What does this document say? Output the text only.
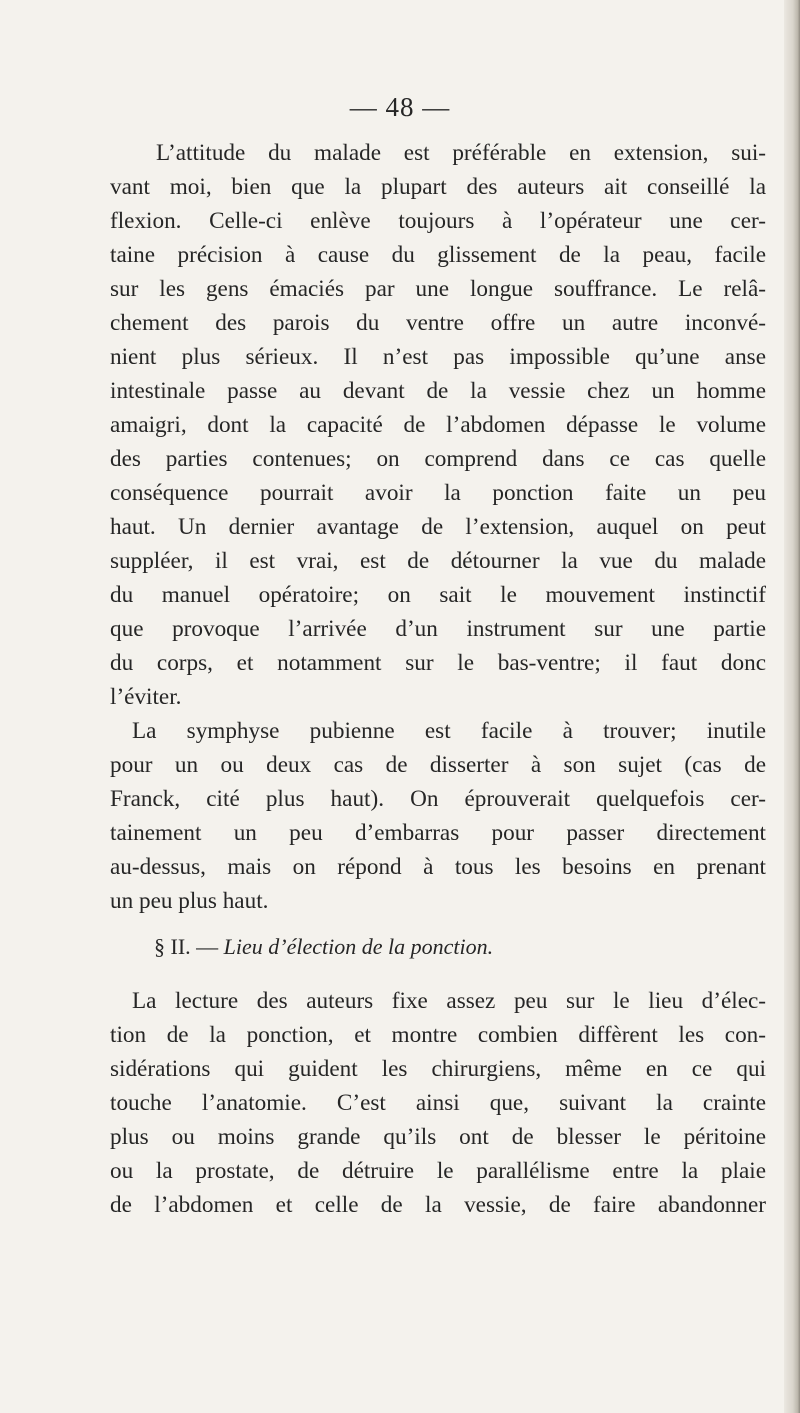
— 48 —
L’attitude du malade est préférable en extension, sui-
vant moi, bien que la plupart des auteurs ait conseillé la
flexion. Celle-ci enlève toujours à l’opérateur une cer-
taine précision à cause du glissement de la peau, facile
sur les gens émaciés par une longue souffrance. Le relâ-
chement des parois du ventre offre un autre inconvé-
nient plus sérieux. Il n’est pas impossible qu’une anse
intestinale passe au devant de la vessie chez un homme
amaigri, dont la capacité de l’abdomen dépasse le volume
des parties contenues; on comprend dans ce cas quelle
conséquence pourrait avoir la ponction faite un peu
haut. Un dernier avantage de l’extension, auquel on peut
suppléer, il est vrai, est de détourner la vue du malade
du manuel opératoire; on sait le mouvement instinctif
que provoque l’arrivée d’un instrument sur une partie
du corps, et notamment sur le bas-ventre; il faut donc
l’éviter.
La symphyse pubienne est facile à trouver; inutile
pour un ou deux cas de disserter à son sujet (cas de
Franck, cité plus haut). On éprouverait quelquefois cer-
tainement un peu d’embarras pour passer directement
au-dessus, mais on répond à tous les besoins en prenant
un peu plus haut.
§ II. — Lieu d’élection de la ponction.
La lecture des auteurs fixe assez peu sur le lieu d’élec-
tion de la ponction, et montre combien diffèrent les con-
sidérations qui guident les chirurgiens, même en ce qui
touche l’anatomie. C’est ainsi que, suivant la crainte
plus ou moins grande qu’ils ont de blesser le péritoine
ou la prostate, de détruire le parallélisme entre la plaie
de l’abdomen et celle de la vessie, de faire abandonner
